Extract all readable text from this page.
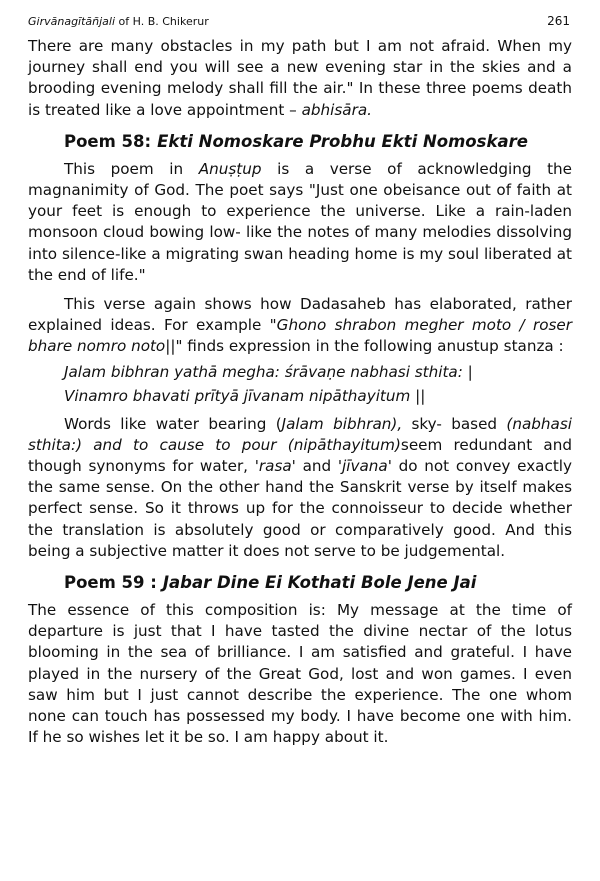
Girvānagītāñjali of H. B. Chikerur	261

There are many obstacles in my path but I am not afraid. When my journey shall end you will see a new evening star in the skies and a brooding evening melody shall fill the air." In these three poems death is treated like a love appointment – abhisāra.

Poem 58: Ekti Nomoskare Probhu Ekti Nomoskare

This poem in Anuṣṭup is a verse of acknowledging the magnanimity of God. The poet says "Just one obeisance out of faith at your feet is enough to experience the universe. Like a rain-laden monsoon cloud bowing low- like the notes of many melodies dissolving into silence-like a migrating swan heading home is my soul liberated at the end of life."

This verse again shows how Dadasaheb has elaborated, rather explained ideas. For example "Ghono shrabon megher moto / roser bhare nomro noto||" finds expression in the following anustup stanza :

Jalam bibhran yathā megha: śrāvaṇe nabhasi sthita: |
Vinamro bhavati prītyā jīvanam nipāthayitum ||

Words like water bearing (Jalam bibhran), sky- based (nabhasi sthita:) and to cause to pour (nipāthayitum)seem redundant and though synonyms for water, 'rasa' and 'jīvana' do not convey exactly the same sense. On the other hand the Sanskrit verse by itself makes perfect sense. So it throws up for the connoisseur to decide whether the translation is absolutely good or comparatively good. And this being a subjective matter it does not serve to be judgemental.

Poem 59 : Jabar Dine Ei Kothati Bole Jene Jai

The essence of this composition is: My message at the time of departure is just that I have tasted the divine nectar of the lotus blooming in the sea of brilliance. I am satisfied and grateful. I have played in the nursery of the Great God, lost and won games. I even saw him but I just cannot describe the experience. The one whom none can touch has possessed my body. I have become one with him. If he so wishes let it be so. I am happy about it.
